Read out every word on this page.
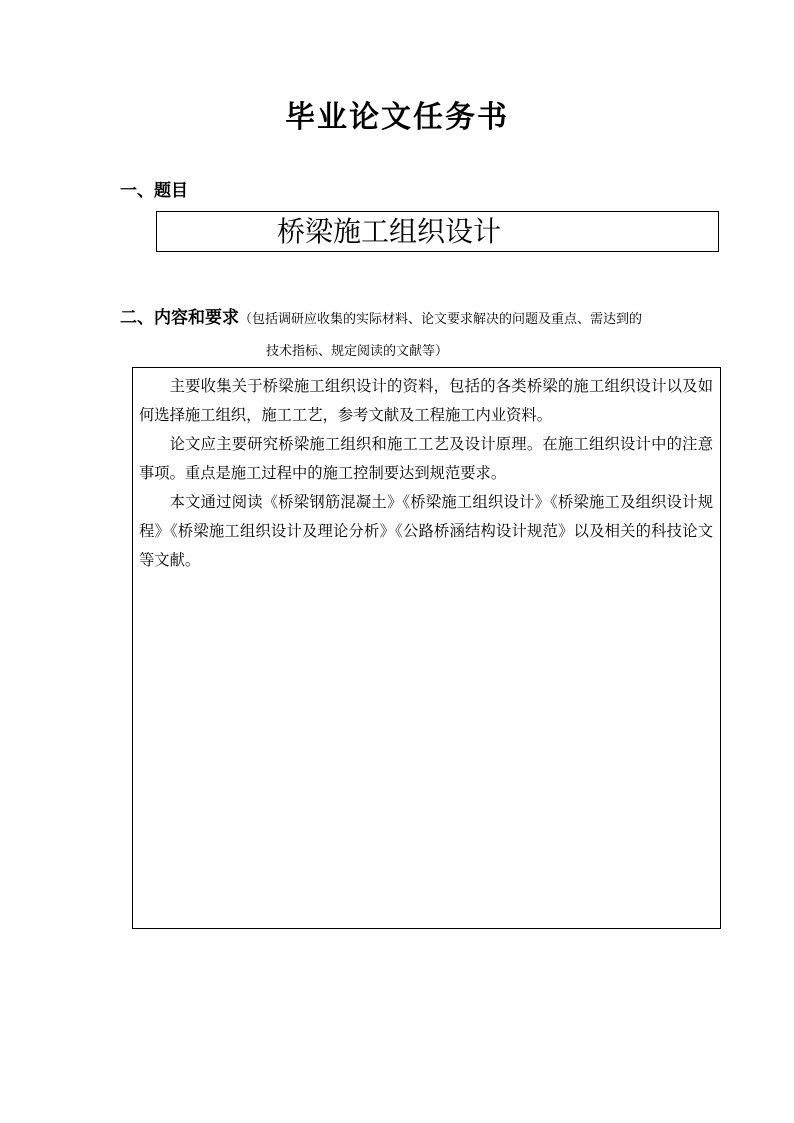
毕业论文任务书
一、题目
桥梁施工组织设计
二、内容和要求（包括调研应收集的实际材料、论文要求解决的问题及重点、需达到的
技术指标、规定阅读的文献等）

主要收集关于桥梁施工组织设计的资料，包括的各类桥梁的施工组织设计以及如何选择施工组织，施工工艺，参考文献及工程施工内业资料。

论文应主要研究桥梁施工组织和施工工艺及设计原理。在施工组织设计中的注意事项。重点是施工过程中的施工控制要达到规范要求。

本文通过阅读《桥梁钢筋混凝土》《桥梁施工组织设计》《桥梁施工及组织设计规程》《桥梁施工组织设计及理论分析》《公路桥涵结构设计规范》以及相关的科技论文等文献。
